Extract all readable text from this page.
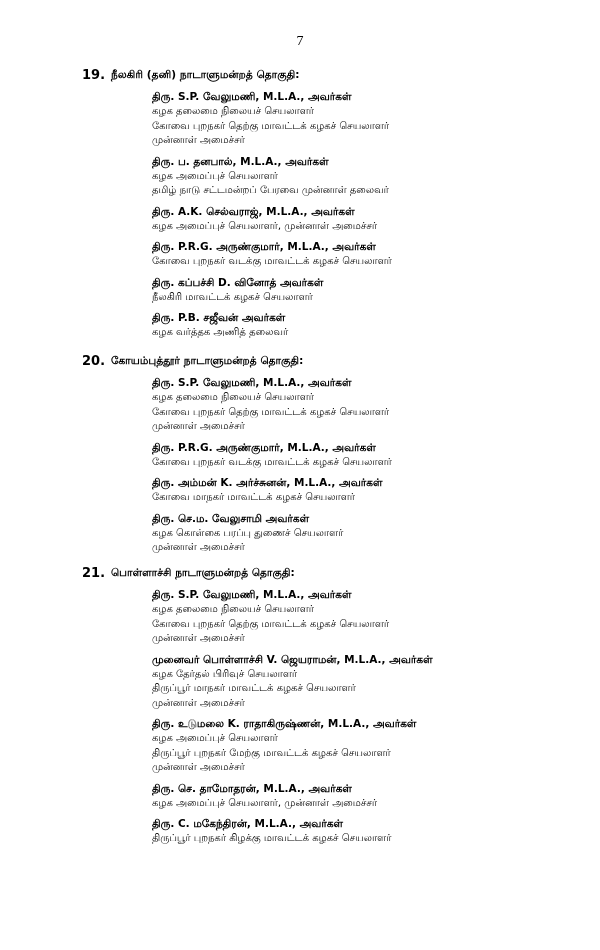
7
19. நீலகிரி (தனி) நாடாளுமன்றத் தொகுதி:
திரு. S.P. வேலுமணி, M.L.A., அவர்கள்
கழக தலைமை நிலையச் செயலாளர்
கோவை புறநகர் தெற்கு மாவட்டக் கழகச் செயலாளர்
முன்னாள் அமைச்சர்
திரு. ப. தனபால், M.L.A., அவர்கள்
கழக அமைப்புச் செயலாளர்
தமிழ் நாடு சட்டமன்றப் பேரவை முன்னாள் தலைவர்
திரு. A.K. செல்வராஜ், M.L.A., அவர்கள்
கழக அமைப்புச் செயலாளர், முன்னாள் அமைச்சர்
திரு. P.R.G. அருண்குமார், M.L.A., அவர்கள்
கோவை புறநகர் வடக்கு மாவட்டக் கழகச் செயலாளர்
திரு. கப்பச்சி D. வினோத் அவர்கள்
நீலகிரி மாவட்டக் கழகச் செயலாளர்
திரு. P.B. சஜீவன் அவர்கள்
கழக வர்த்தக அணித் தலைவர்
20. கோயம்புத்தூர் நாடாளுமன்றத் தொகுதி:
திரு. S.P. வேலுமணி, M.L.A., அவர்கள்
கழக தலைமை நிலையச் செயலாளர்
கோவை புறநகர் தெற்கு மாவட்டக் கழகச் செயலாளர்
முன்னாள் அமைச்சர்
திரு. P.R.G. அருண்குமார், M.L.A., அவர்கள்
கோவை புறநகர் வடக்கு மாவட்டக் கழகச் செயலாளர்
திரு. அம்மன் K. அர்ச்சுனன், M.L.A., அவர்கள்
கோவை மாநகர் மாவட்டக் கழகச் செயலாளர்
திரு. செ.ம. வேலுசாமி அவர்கள்
கழக கொள்கை பரப்பு துணைச் செயலாளர்
முன்னாள் அமைச்சர்
21. பொள்ளாச்சி நாடாளுமன்றத் தொகுதி:
திரு. S.P. வேலுமணி, M.L.A., அவர்கள்
கழக தலைமை நிலையச் செயலாளர்
கோவை புறநகர் தெற்கு மாவட்டக் கழகச் செயலாளர்
முன்னாள் அமைச்சர்
முனைவர் பொள்ளாச்சி V. ஜெயராமன், M.L.A., அவர்கள்
கழக தேர்தல் பிரிவுச் செயலாளர்
திருப்பூர் மாநகர் மாவட்டக் கழகச் செயலாளர்
முன்னாள் அமைச்சர்
திரு. உடுமலை K. ராதாகிருஷ்ணன், M.L.A., அவர்கள்
கழக அமைப்புச் செயலாளர்
திருப்பூர் புறநகர் மேற்கு மாவட்டக் கழகச் செயலாளர்
முன்னாள் அமைச்சர்
திரு. செ. தாமோதரன், M.L.A., அவர்கள்
கழக அமைப்புச் செயலாளர், முன்னாள் அமைச்சர்
திரு. C. மகேந்திரன், M.L.A., அவர்கள்
திருப்பூர் புறநகர் கிழக்கு மாவட்டக் கழகச் செயலாளர்
